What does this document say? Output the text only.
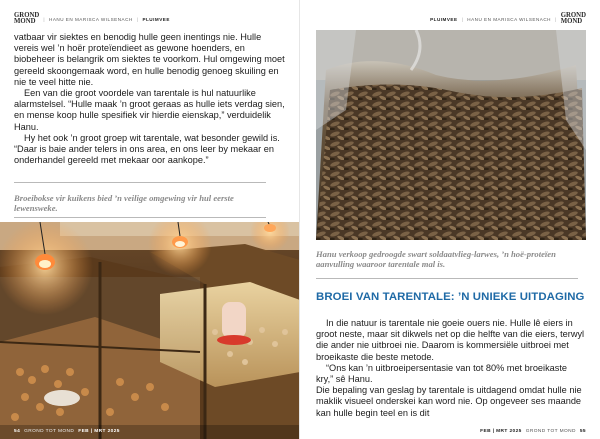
GROND
MOND	| HANU EN MARISCA WILSENACH | PLUIMVEE

vatbaar vir siektes en benodig hulle geen inentings nie. Hulle vereis wel ’n hoër proteïendieet as gewone hoenders, en biobeheer is belangrik om siektes te voorkom. Hul omgewing moet gereeld skoongemaak word, en hulle benodig genoeg skuiling en nie te veel hitte nie.

Een van die groot voordele van tarentale is hul natuurlike alarmstelsel. “Hulle maak ’n groot geraas as hulle iets verdag sien, en mense koop hulle spesifiek vir hierdie eienskap,” verduidelik Hanu.

Hy het ook ’n groot groep wit tarentale, wat besonder gewild is. “Daar is baie ander telers in ons area, en ons leer by mekaar en onderhandel gereeld met mekaar oor aankope.”

Broeibokse vir kuikens bied ’n veilige omgewing vir hul eerste lewensweke.
54 GROND TOT MOND FEB | MRT 2025
PLUIMVEE | HANU EN MARISCA WILSENACH | GROND
MOND
Hanu verkoop gedroogde swart soldaatvlieg-larwes, ’n hoë-proteïen aanvulling waaroor tarentale mal is.
BROEI VAN TARENTALE: ’N UNIEKE UITDAGING

In die natuur is tarentale nie goeie ouers nie. Hulle lê eiers in groot neste, maar sit dikwels net op die helfte van die eiers, terwyl die ander nie uitbroei nie. Daarom is kommersiële uitbroei met broeikaste die beste metode.

“Ons kan ’n uitbroeipersentasie van tot 80% met broeikaste kry,” sê Hanu.

Die bepaling van geslag by tarentale is uitdagend omdat hulle nie maklik visueel onderskei kan word nie. Op ongeveer ses maande kan hulle begin teel en is dit

FEB | MRT 2025 GROND TOT MOND 55
